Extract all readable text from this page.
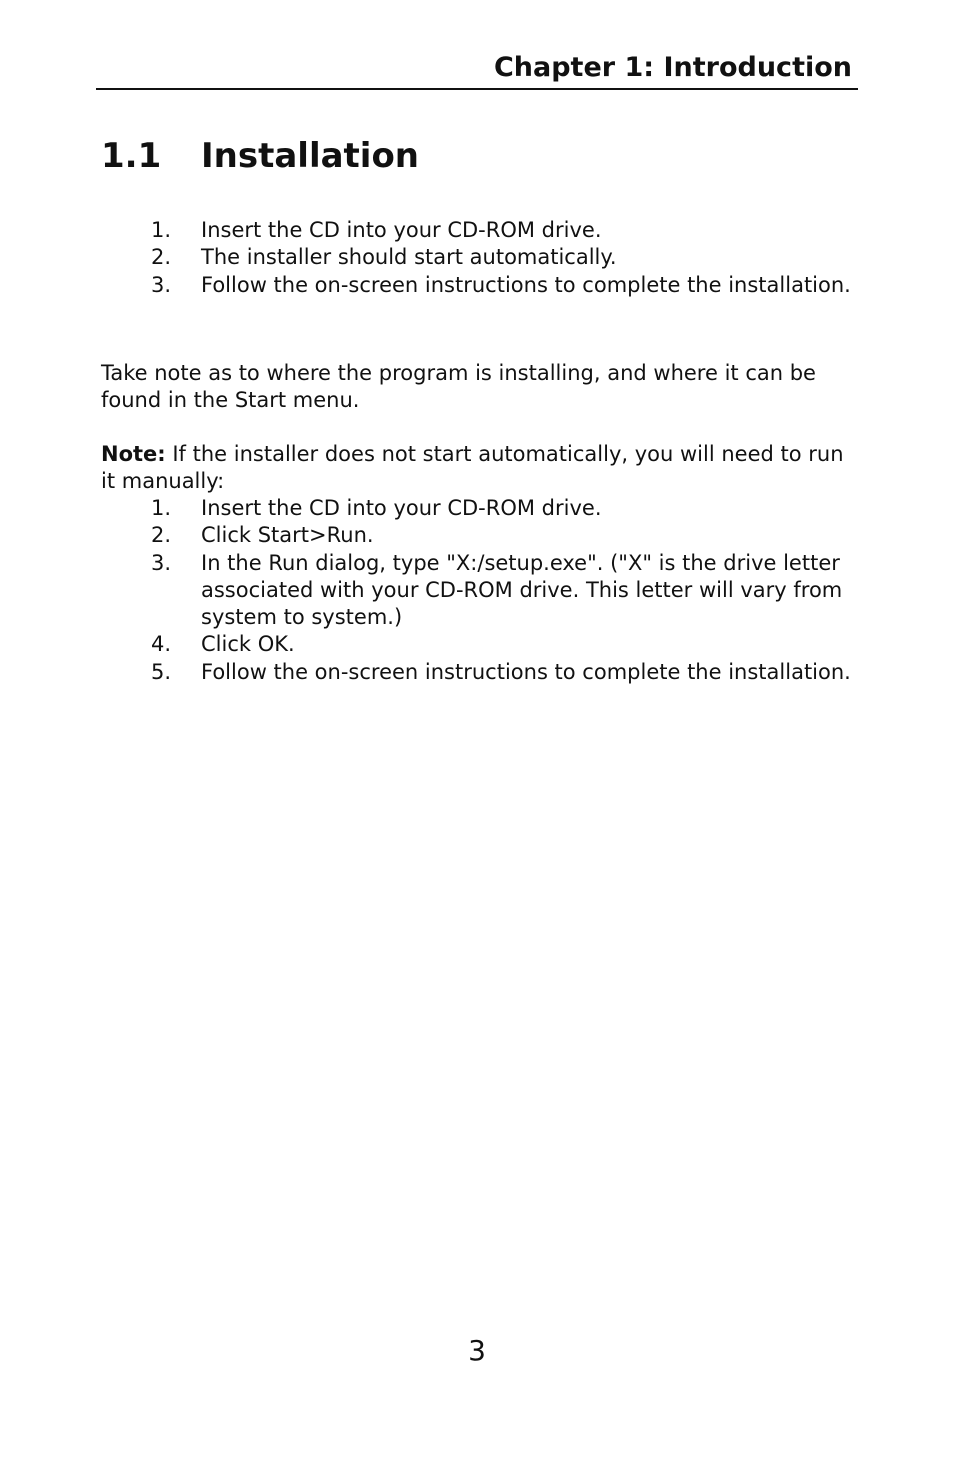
Chapter 1: Introduction
1.1 Installation
1. Insert the CD into your CD-ROM drive.
2. The installer should start automatically.
3. Follow the on-screen instructions to complete the installation.

Take note as to where the program is installing, and where it can be found in the Start menu.

Note: If the installer does not start automatically, you will need to run it manually:

1. Insert the CD into your CD-ROM drive.
2. Click Start>Run.
3. In the Run dialog, type "X:/setup.exe". ("X" is the drive letter associated with your CD-ROM drive. This letter will vary from system to system.)
4. Click OK.
5. Follow the on-screen instructions to complete the installation.
3
